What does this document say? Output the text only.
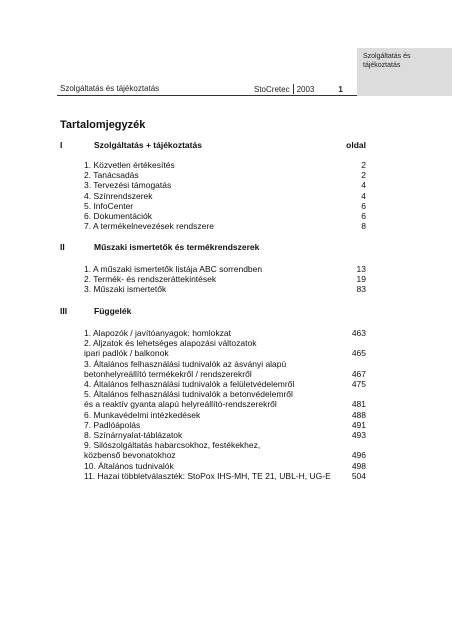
Szolgáltatás és
tájékoztatás
Szolgáltatás és tájékoztatás	StoCretec 2003	1
Tartalomjegyzék
I	Szolgáltatás + tájékoztatás	oldal
1. Közvetlen értékesítés	2
2. Tanácsadás	2
3. Tervezési támogatás	4
4. Színrendszerek	4
5. InfoCenter	6
6. Dokumentációk	6
7. A termékelnevezések rendszere	8
II	Műszaki ismertetők és termékrendszerek
1. A műszaki ismertetők listája ABC sorrendben	13
2. Termék- és rendszeráttekintések	19
3. Műszaki ismertetők	83
III	Függelék
1. Alapozók / javítóanyagok: homlokzat	463
2. Aljzatok és lehetséges alapozási változatok
ipari padlók / balkonok	465
3. Általános felhasználási tudnivalók az ásványi alapú
betonhelyreállító termékekről / rendszerekről	467
4. Általános felhasználási tudnivalók a felületvédelemről	475
5. Általános felhasználási tudnivalók a betonvédelemről
és a reaktív gyanta alapú helyreállító-rendszerekről	481
6. Munkavédelmi intézkedések	488
7. Padlóápolás	491
8. Színárnyalat-táblázatok	493
9. Silószolgáltatás habarcsokhoz, festékekhez,
közbenső bevonatokhoz	496
10. Általános tudnivalók	498
11. Hazai többletválaszték: StoPox IHS-MH, TE 21, UBL-H, UG-E 504
